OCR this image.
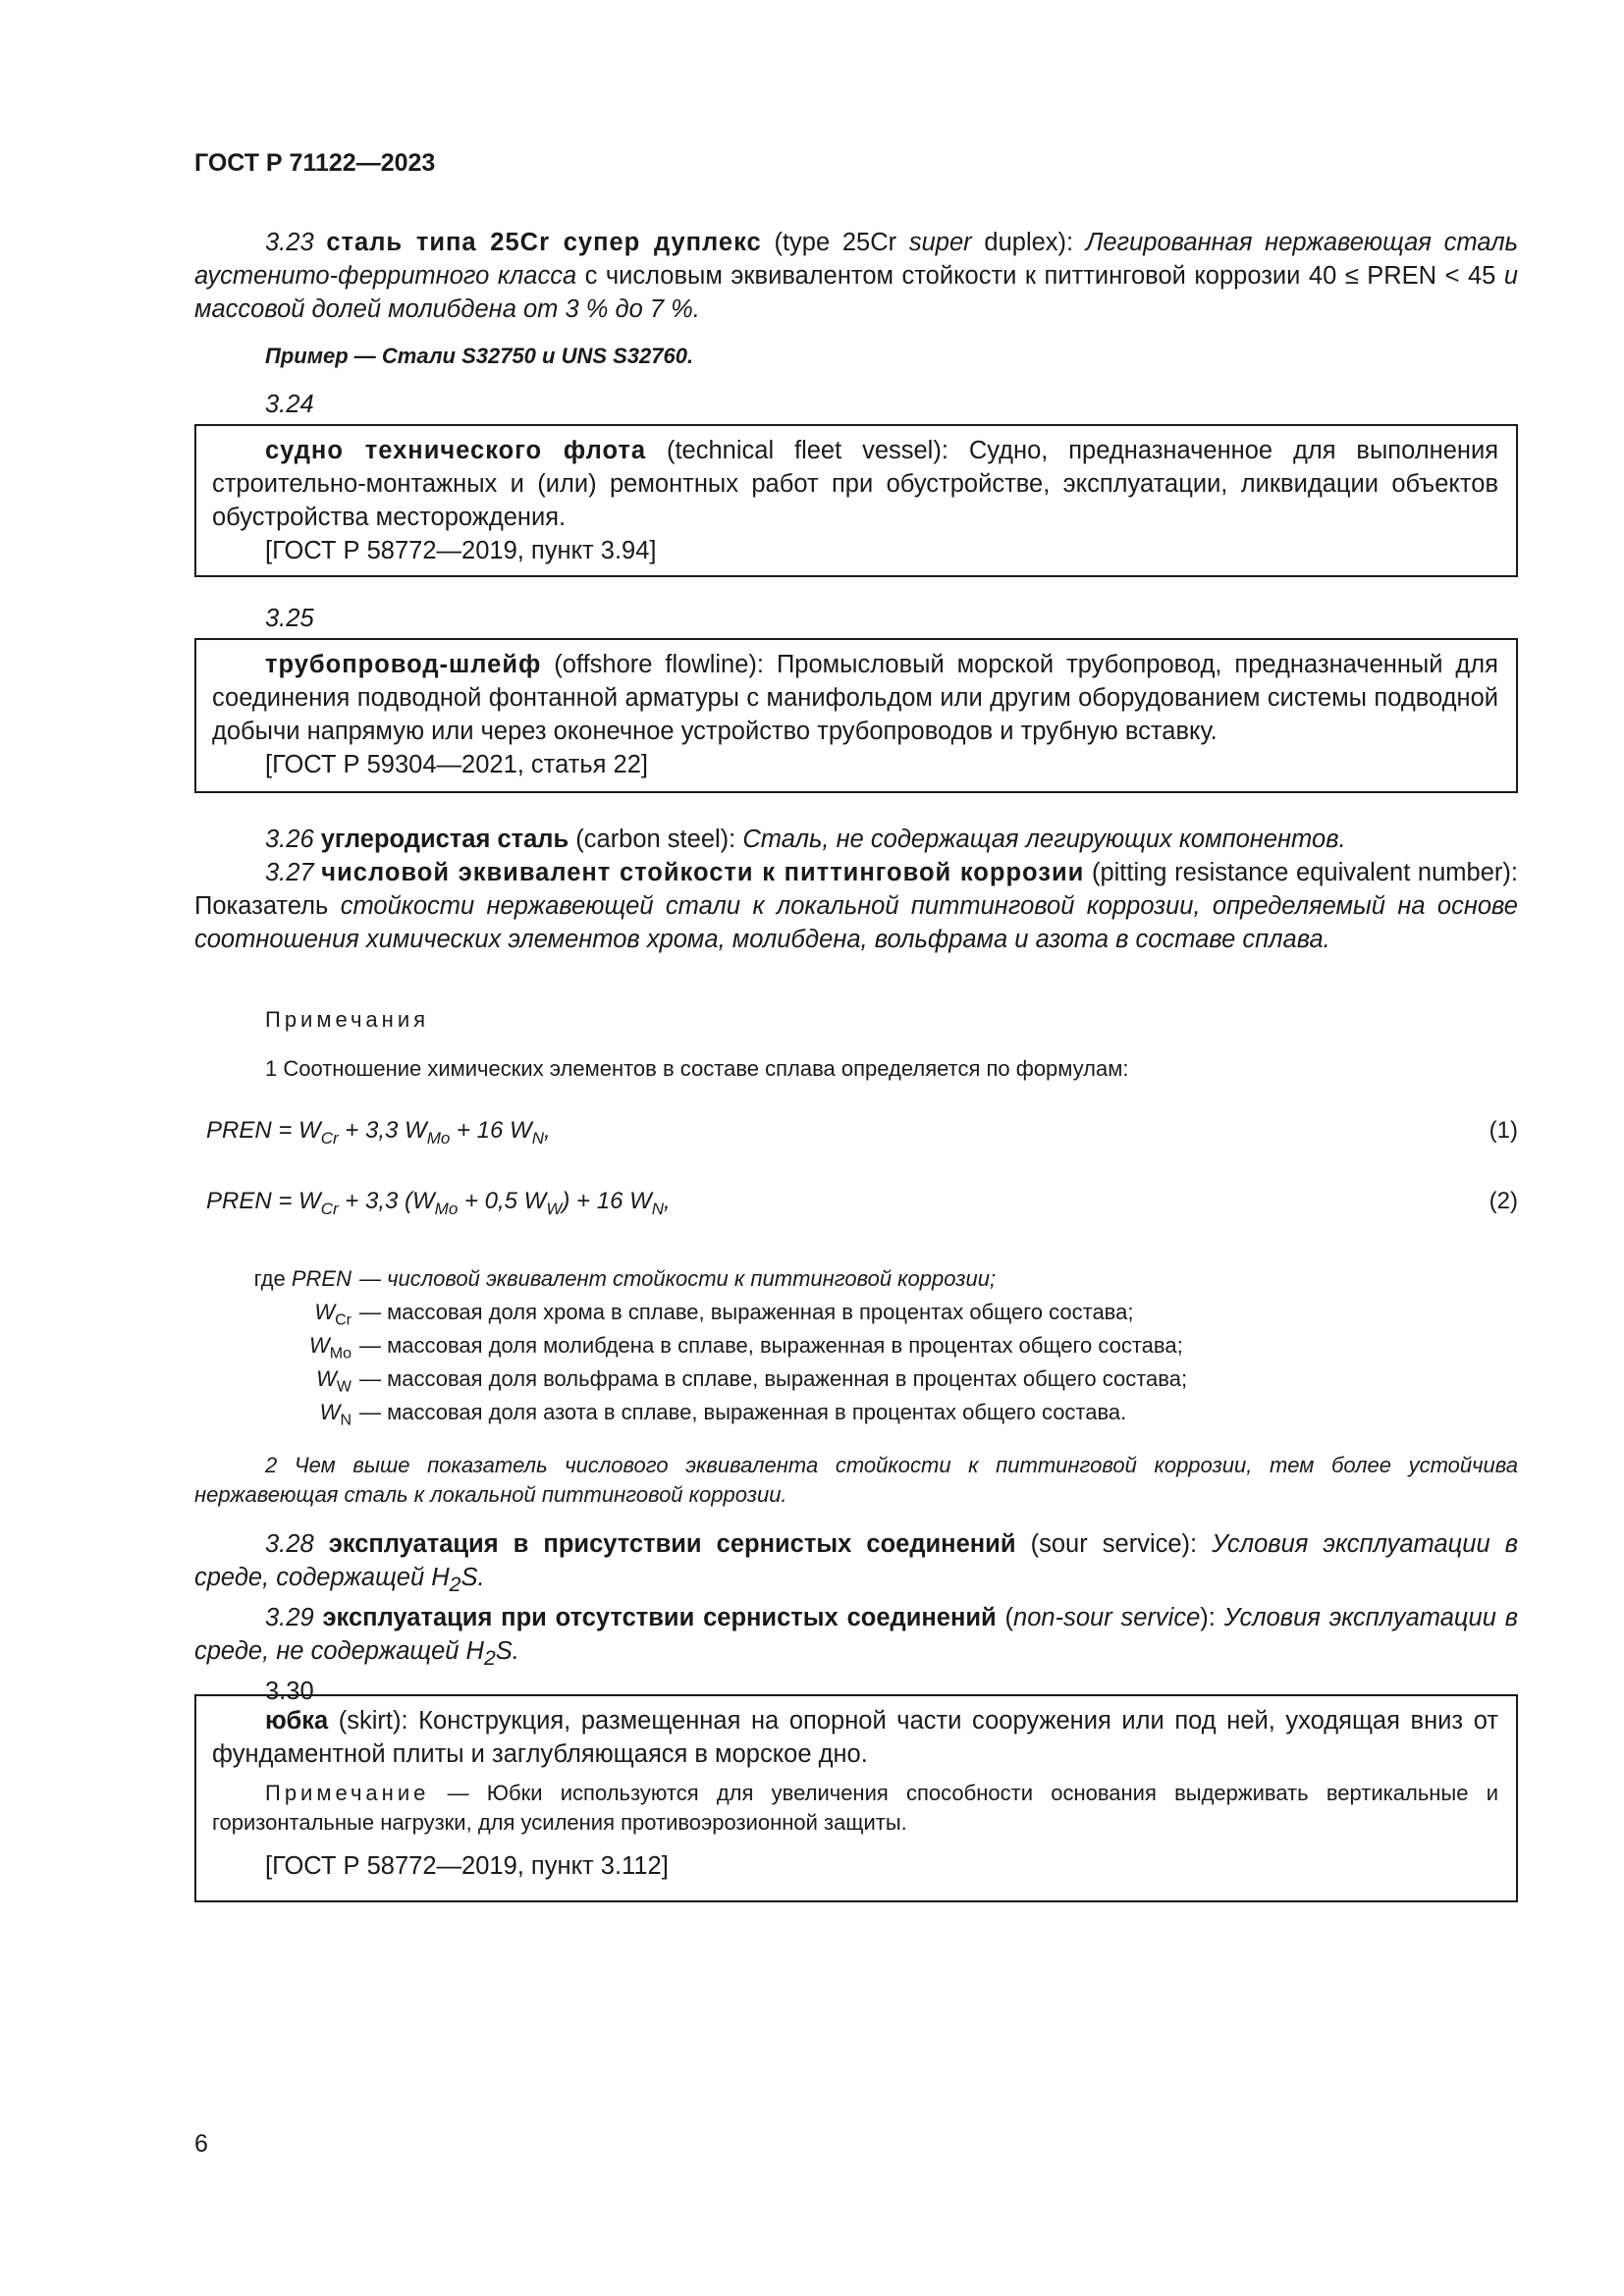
ГОСТ Р 71122—2023

3.23 сталь типа 25Cr супер дуплекс (type 25Cr super duplex): Легированная нержавеющая сталь аустенито-ферритного класса с числовым эквивалентом стойкости к питтинговой коррозии 40 ≤ PREN < 45 и массовой долей молибдена от 3 % до 7 %.

Пример — Стали S32750 и UNS S32760.
3.24

судно технического флота (technical fleet vessel): Судно, предназначенное для выполнения строительно-монтажных и (или) ремонтных работ при обустройстве, эксплуатации, ликвидации объектов обустройства месторождения.

[ГОСТ Р 58772—2019, пункт 3.94]

3.25

трубопровод-шлейф (offshore flowline): Промысловый морской трубопровод, предназначенный для соединения подводной фонтанной арматуры с манифольдом или другим оборудованием системы подводной добычи напрямую или через оконечное устройство трубопроводов и трубную вставку.

[ГОСТ Р 59304—2021, статья 22]

3.26 углеродистая сталь (carbon steel): Сталь, не содержащая легирующих компонентов.

3.27 числовой эквивалент стойкости к питтинговой коррозии (pitting resistance equivalent number): Показатель стойкости нержавеющей стали к локальной питтинговой коррозии, определяемый на основе соотношения химических элементов хрома, молибдена, вольфрама и азота в составе сплава.

Примечания
1 Соотношение химических элементов в составе сплава определяется по формулам:
PREN = $W_{Cr} + 3,3$ $W_{Mo} + 16$ $W_N$,	(1)
PREN = $W_{Cr} + 3,3$ ($W_{Mo} + 0,5$ $W_W) + 16$ $W_N$,	(2)
где PREN — числовой эквивалент стойкости к питтинговой коррозии;
$W_{Cr}$ — массовая доля хрома в сплаве, выраженная в процентах общего состава;
$W_{Mo}$ — массовая доля молибдена в сплаве, выраженная в процентах общего состава;
$W_W$ — массовая доля вольфрама в сплаве, выраженная в процентах общего состава;
$W_N$ — массовая доля азота в сплаве, выраженная в процентах общего состава.

2 Чем выше показатель числового эквивалента стойкости к питтинговой коррозии, тем более устойчива нержавеющая сталь к локальной питтинговой коррозии.

3.28 эксплуатация в присутствии сернистых соединений (sour service): Условия эксплуатации в среде, содержащей $H_2S$.

3.29 эксплуатация при отсутствии сернистых соединений (non-sour service): Условия эксплуатации в среде, не содержащей $H_2S$.

3.30

юбка (skirt): Конструкция, размещенная на опорной части сооружения или под ней, уходящая вниз от фундаментной плиты и заглубляющаяся в морское дно.

Примечание — Юбки используются для увеличения способности основания выдерживать вертикальные и горизонтальные нагрузки, для усиления противоэрозионной защиты.

[ГОСТ Р 58772—2019, пункт 3.112]

6
